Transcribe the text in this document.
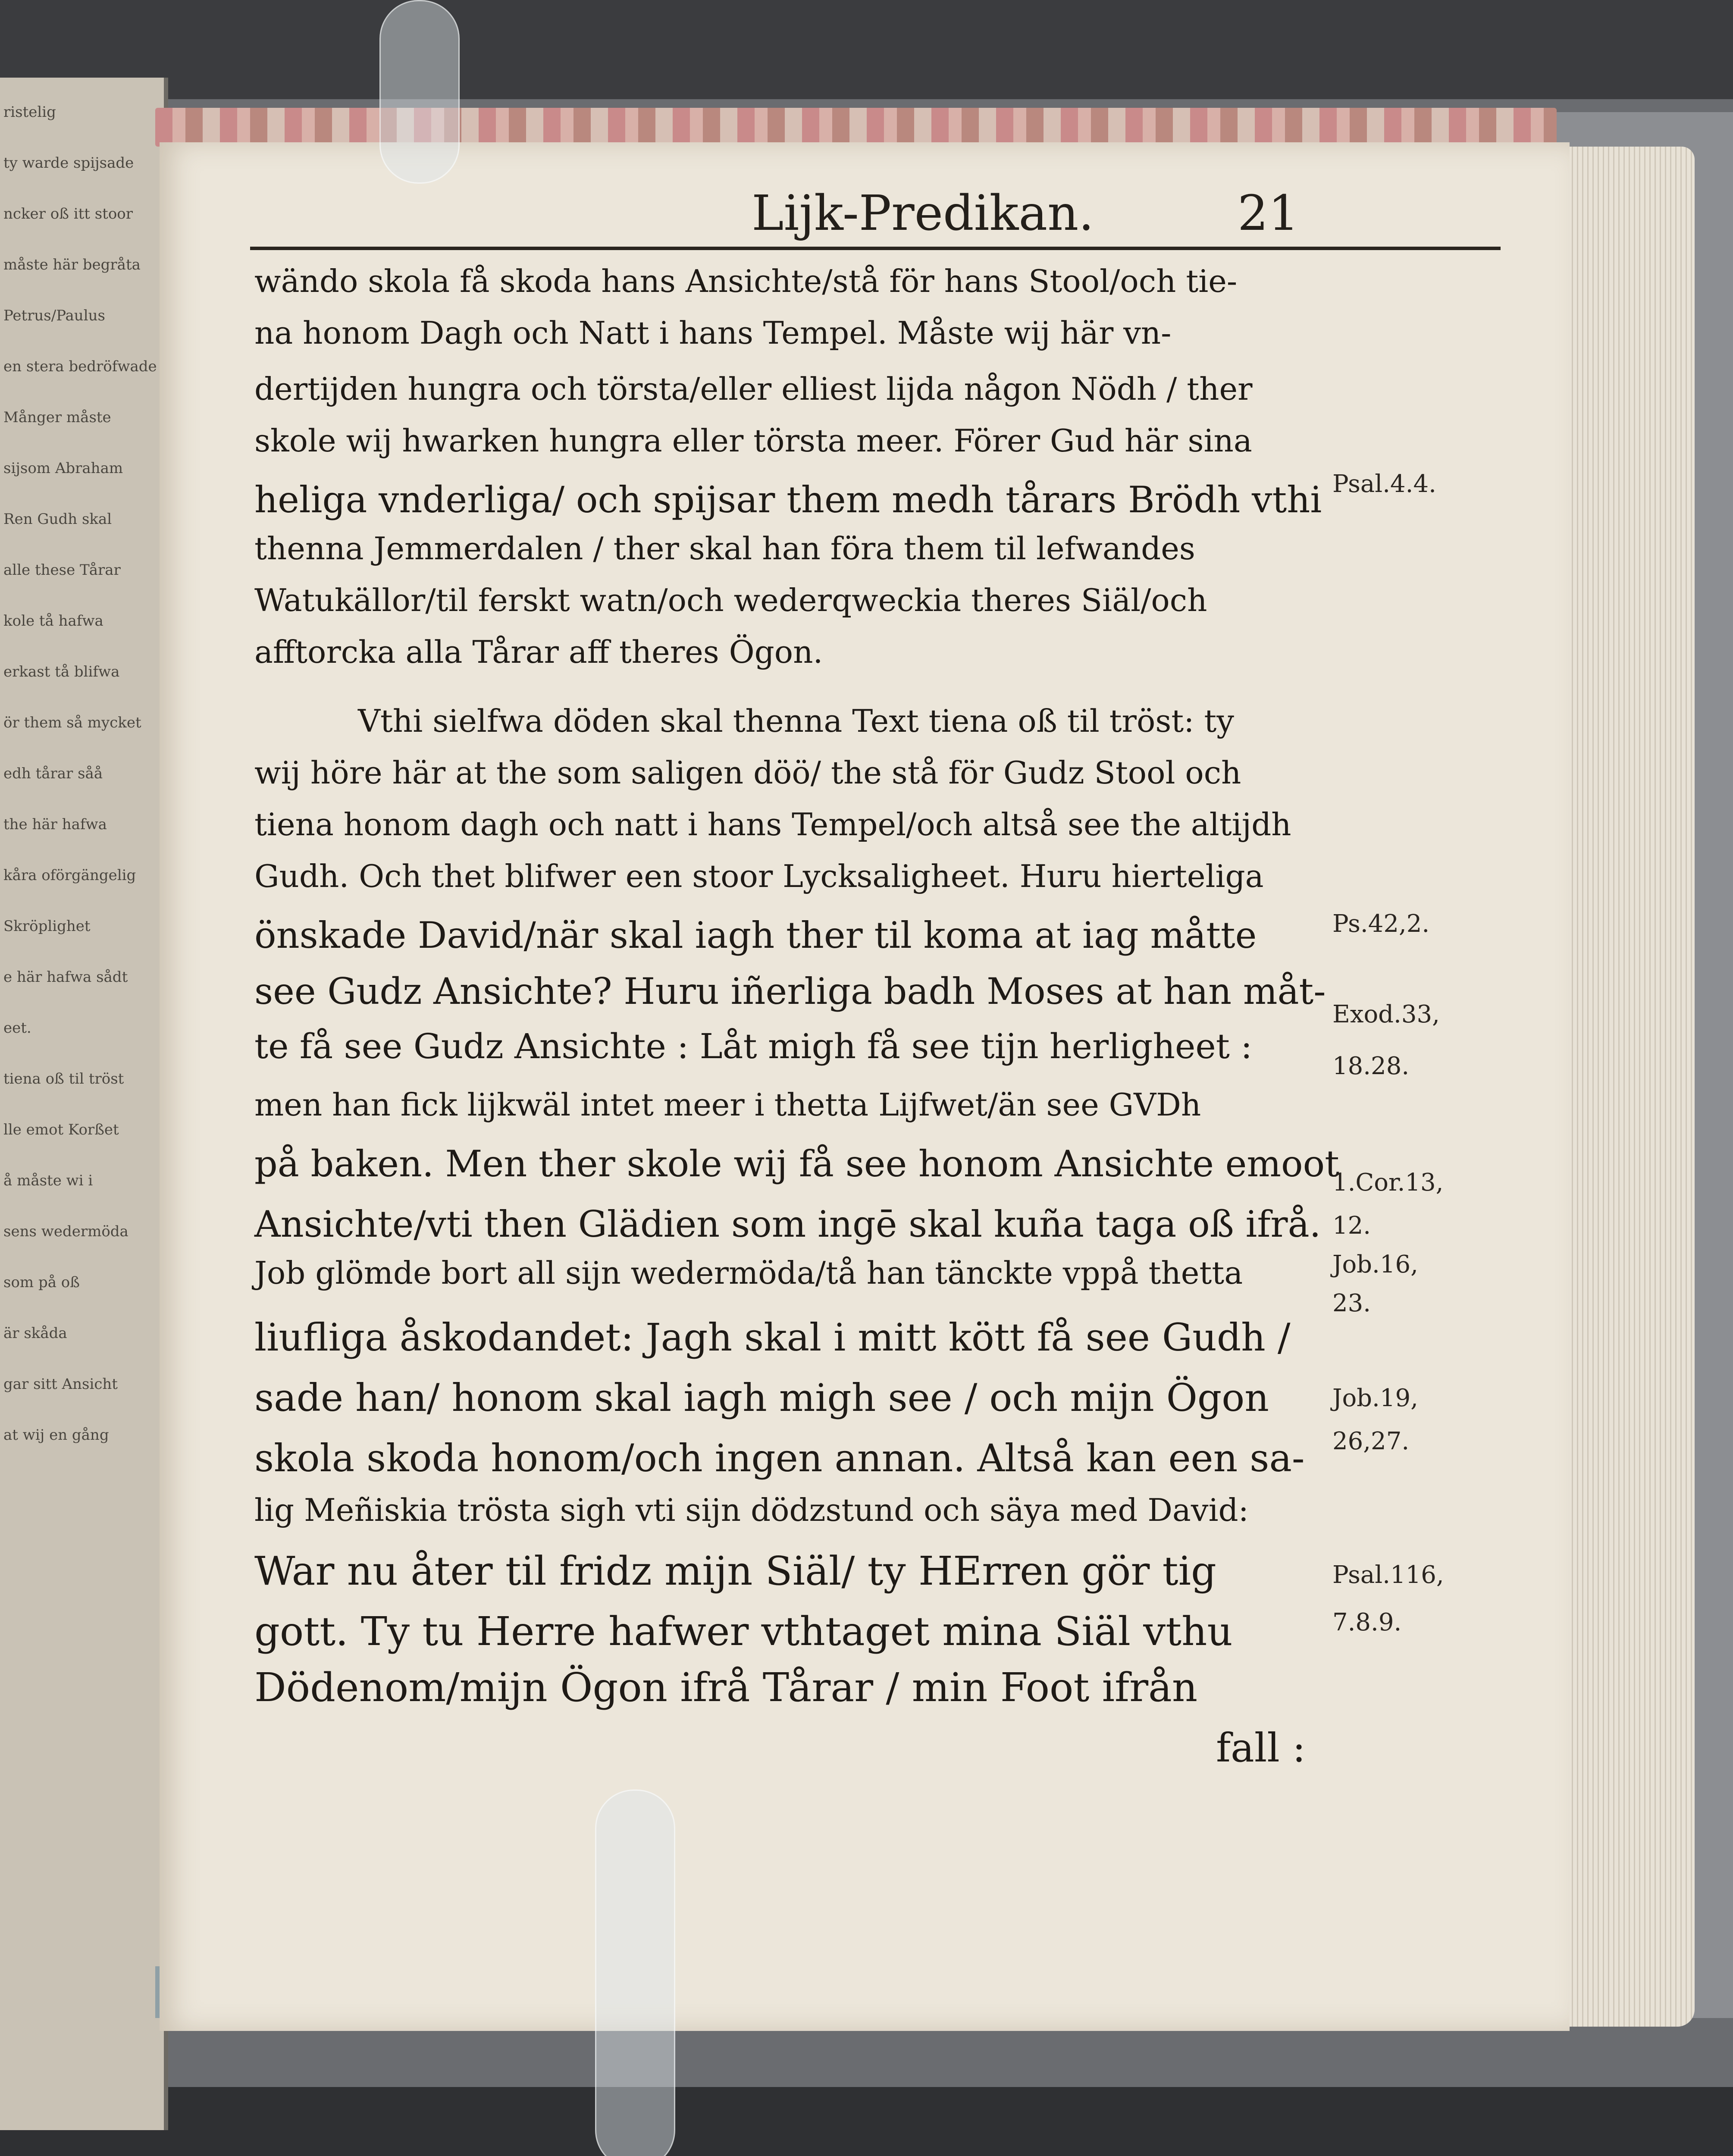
ristelig
ty warde spijsade
ncker oß itt stoor
måste här begråta
Petrus/Paulus
en stera bedröfwade
Månger måste
sijsom Abraham
Ren Gudh skal
alle these Tårar
kole tå hafwa
erkast tå blifwa
ör them så mycket
edh tårar såå
the här hafwa
kåra oförgängelig
Skröplighet
e här hafwa sådt
eet.
tiena oß til tröst
lle emot Korßet
å måste wi i
sens wedermöda
som på oß
är skåda
gar sitt Ansicht
at wij en gång
Lijk-Predikan.	21
wändo skola få skoda hans Ansichte/stå för hans Stool/och tie-
na honom Dagh och Natt i hans Tempel. Måste wij här vn-
dertijden hungra och törsta/eller elliest lijda någon Nödh / ther
skole wij hwarken hungra eller törsta meer. Förer Gud här sina
heliga vnderliga/ och spijsar them medh tårars Brödh vthi
thenna Jemmerdalen / ther skal han föra them til lefwandes
Watukällor/til ferskt watn/och wederqweckia theres Siäl/och
afftorcka alla Tårar aff theres Ögon.
Vthi sielfwa döden skal thenna Text tiena oß til tröst: ty
wij höre här at the som saligen döö/ the stå för Gudz Stool och
tiena honom dagh och natt i hans Tempel/och altså see the altijdh
Gudh. Och thet blifwer een stoor Lycksaligheet. Huru hierteliga
önskade David/när skal iagh ther til koma at iag måtte
see Gudz Ansichte? Huru iñerliga badh Moses at han måt-
te få see Gudz Ansichte : Låt migh få see tijn herligheet :
men han fick lijkwäl intet meer i thetta Lijfwet/än see GVDh
på baken. Men ther skole wij få see honom Ansichte emoot
Ansichte/vti then Glädien som ingē skal kuña taga oß ifrå.
Job glömde bort all sijn wedermöda/tå han tänckte vppå thetta
liufliga åskodandet: Jagh skal i mitt kött få see Gudh /
sade han/ honom skal iagh migh see / och mijn Ögon
skola skoda honom/och ingen annan. Altså kan een sa-
lig Meñiskia trösta sigh vti sijn dödzstund och säya med David:
War nu åter til fridz mijn Siäl/ ty HErren gör tig
gott. Ty tu Herre hafwer vthtaget mina Siäl vthu
Dödenom/mijn Ögon ifrå Tårar / min Foot ifrån
fall :
Psal.4.4.
Ps.42,2.
Exod.33,
18.28.
1.Cor.13,
12.
Job.16,
23.
Job.19,
26,27.
Psal.116,
7.8.9.
